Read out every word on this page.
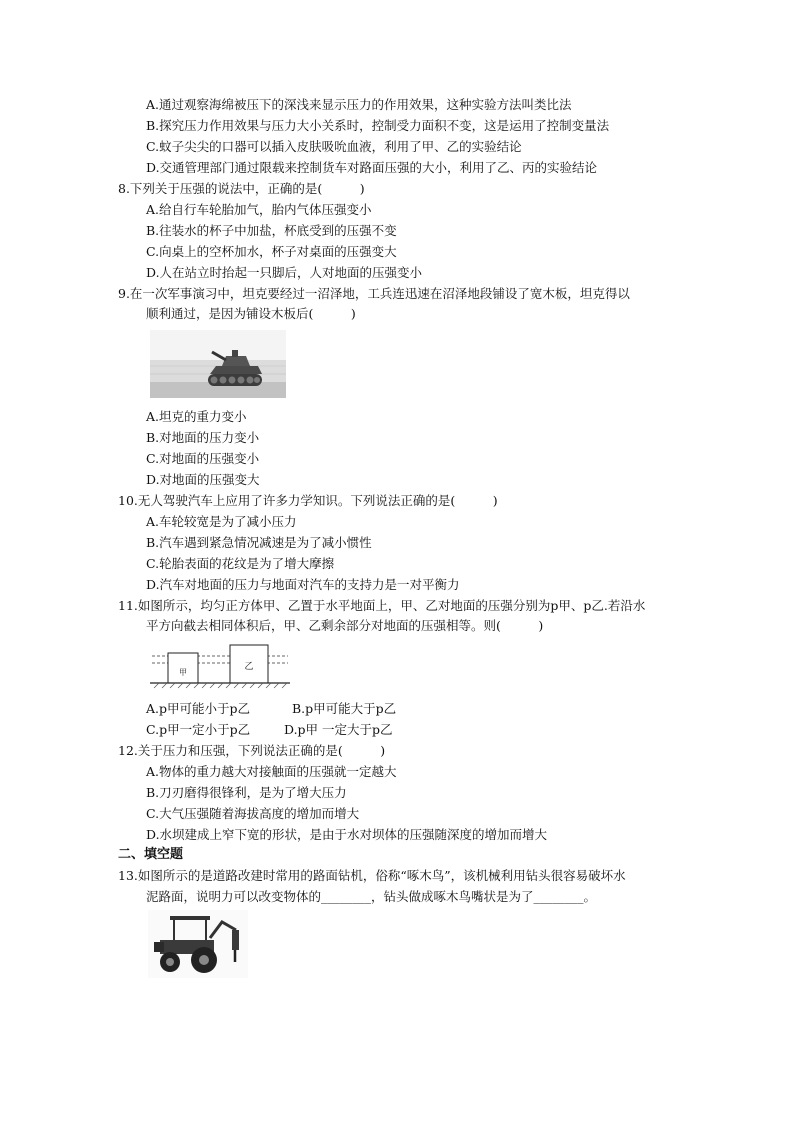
A.通过观察海绵被压下的深浅来显示压力的作用效果，这种实验方法叫类比法
B.探究压力作用效果与压力大小关系时，控制受力面积不变，这是运用了控制变量法
C.蚊子尖尖的口器可以插入皮肤吸吮血液，利用了甲、乙的实验结论
D.交通管理部门通过限载来控制货车对路面压强的大小，利用了乙、丙的实验结论
8.下列关于压强的说法中，正确的是(　　　)
A.给自行车轮胎加气，胎内气体压强变小
B.往装水的杯子中加盐，杯底受到的压强不变
C.向桌上的空杯加水，杯子对桌面的压强变大
D.人在站立时抬起一只脚后，人对地面的压强变小
9.在一次军事演习中，坦克要经过一沼泽地，工兵连迅速在沼泽地段铺设了宽木板，坦克得以
顺利通过，是因为铺设木板后(　　　)
A.坦克的重力变小
B.对地面的压力变小
C.对地面的压强变小
D.对地面的压强变大
10.无人驾驶汽车上应用了许多力学知识。下列说法正确的是(　　　)
A.车轮较宽是为了减小压力
B.汽车遇到紧急情况减速是为了减小惯性
C.轮胎表面的花纹是为了增大摩擦
D.汽车对地面的压力与地面对汽车的支持力是一对平衡力
11.如图所示，均匀正方体甲、乙置于水平地面上，甲、乙对地面的压强分别为p甲、p乙.若沿水
平方向截去相同体积后，甲、乙剩余部分对地面的压强相等。则(　　　)
甲
乙
A.p甲可能小于p乙	B.p甲可能大于p乙
C.p甲一定小于p乙	D.p甲 一定大于p乙
12.关于压力和压强，下列说法正确的是(　　　)
A.物体的重力越大对接触面的压强就一定越大
B.刀刃磨得很锋利，是为了增大压力
C.大气压强随着海拔高度的增加而增大
D.水坝建成上窄下宽的形状，是由于水对坝体的压强随深度的增加而增大
二、填空题
13.如图所示的是道路改建时常用的路面钻机，俗称“啄木鸟”，该机械利用钻头很容易破坏水
泥路面，说明力可以改变物体的________，钻头做成啄木鸟嘴状是为了________。
